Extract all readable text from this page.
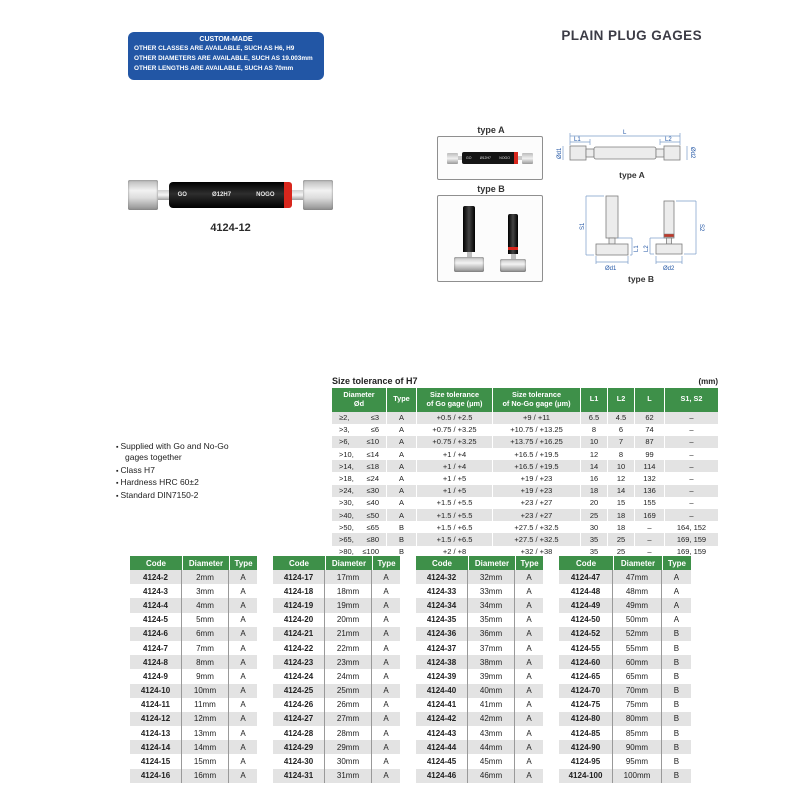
CUSTOM-MADE
OTHER CLASSES ARE AVAILABLE, SUCH AS H6, H9
OTHER DIAMETERS ARE AVAILABLE, SUCH AS 19.003mm
OTHER LENGTHS ARE AVAILABLE, SUCH AS 70mm
PLAIN PLUG GAGES
GO	Ø12H7	NOGO
4124-12
type A
GO Ø12H7 NOGO
type B
L
L1	L2
Ød1	Ød2
type A
S1
L1
Ød1
S2
L2
Ød2
type B
▪ Supplied with Go and No-Go gages together
▪ Class H7
▪ Hardness HRC 60±2
▪ Standard DIN7150-2
Size tolerance of H7	(mm)
Diameter
Ød	Type	Size tolerance
of Go gage (μm)	Size tolerance
of No-Go gage (μm)	L1	L2	L	S1, S2

≥2, ≤3	A	+0.5 / +2.5	+9 / +11	6.5	4.5	62	–

>3, ≤6	A	+0.75 / +3.25	+10.75 / +13.25	8	6	74	–

>6, ≤10	A	+0.75 / +3.25	+13.75 / +16.25	10	7	87	–

>10, ≤14	A	+1 / +4	+16.5 / +19.5	12	8	99	–

>14, ≤18	A	+1 / +4	+16.5 / +19.5	14	10	114	–

>18, ≤24	A	+1 / +5	+19 / +23	16	12	132	–

>24, ≤30	A	+1 / +5	+19 / +23	18	14	136	–

>30, ≤40	A	+1.5 / +5.5	+23 / +27	20	15	155	–

>40, ≤50	A	+1.5 / +5.5	+23 / +27	25	18	169	–

>50, ≤65	B	+1.5 / +6.5	+27.5 / +32.5	30	18	–	164, 152

>65, ≤80	B	+1.5 / +6.5	+27.5 / +32.5	35	25	–	169, 159

>80, ≤100	B	+2 / +8	+32 / +38	35	25	–	169, 159
Code	Diameter	Type
4124-2	2mm	A
4124-3	3mm	A
4124-4	4mm	A
4124-5	5mm	A
4124-6	6mm	A
4124-7	7mm	A
4124-8	8mm	A
4124-9	9mm	A
4124-10	10mm	A
4124-11	11mm	A
4124-12	12mm	A
4124-13	13mm	A
4124-14	14mm	A
4124-15	15mm	A
4124-16	16mm	A
Code	Diameter	Type
4124-17	17mm	A
4124-18	18mm	A
4124-19	19mm	A
4124-20	20mm	A
4124-21	21mm	A
4124-22	22mm	A
4124-23	23mm	A
4124-24	24mm	A
4124-25	25mm	A
4124-26	26mm	A
4124-27	27mm	A
4124-28	28mm	A
4124-29	29mm	A
4124-30	30mm	A
4124-31	31mm	A
Code	Diameter	Type
4124-32	32mm	A
4124-33	33mm	A
4124-34	34mm	A
4124-35	35mm	A
4124-36	36mm	A
4124-37	37mm	A
4124-38	38mm	A
4124-39	39mm	A
4124-40	40mm	A
4124-41	41mm	A
4124-42	42mm	A
4124-43	43mm	A
4124-44	44mm	A
4124-45	45mm	A
4124-46	46mm	A
Code	Diameter	Type
4124-47	47mm	A
4124-48	48mm	A
4124-49	49mm	A
4124-50	50mm	A
4124-52	52mm	B
4124-55	55mm	B
4124-60	60mm	B
4124-65	65mm	B
4124-70	70mm	B
4124-75	75mm	B
4124-80	80mm	B
4124-85	85mm	B
4124-90	90mm	B
4124-95	95mm	B
4124-100	100mm	B
